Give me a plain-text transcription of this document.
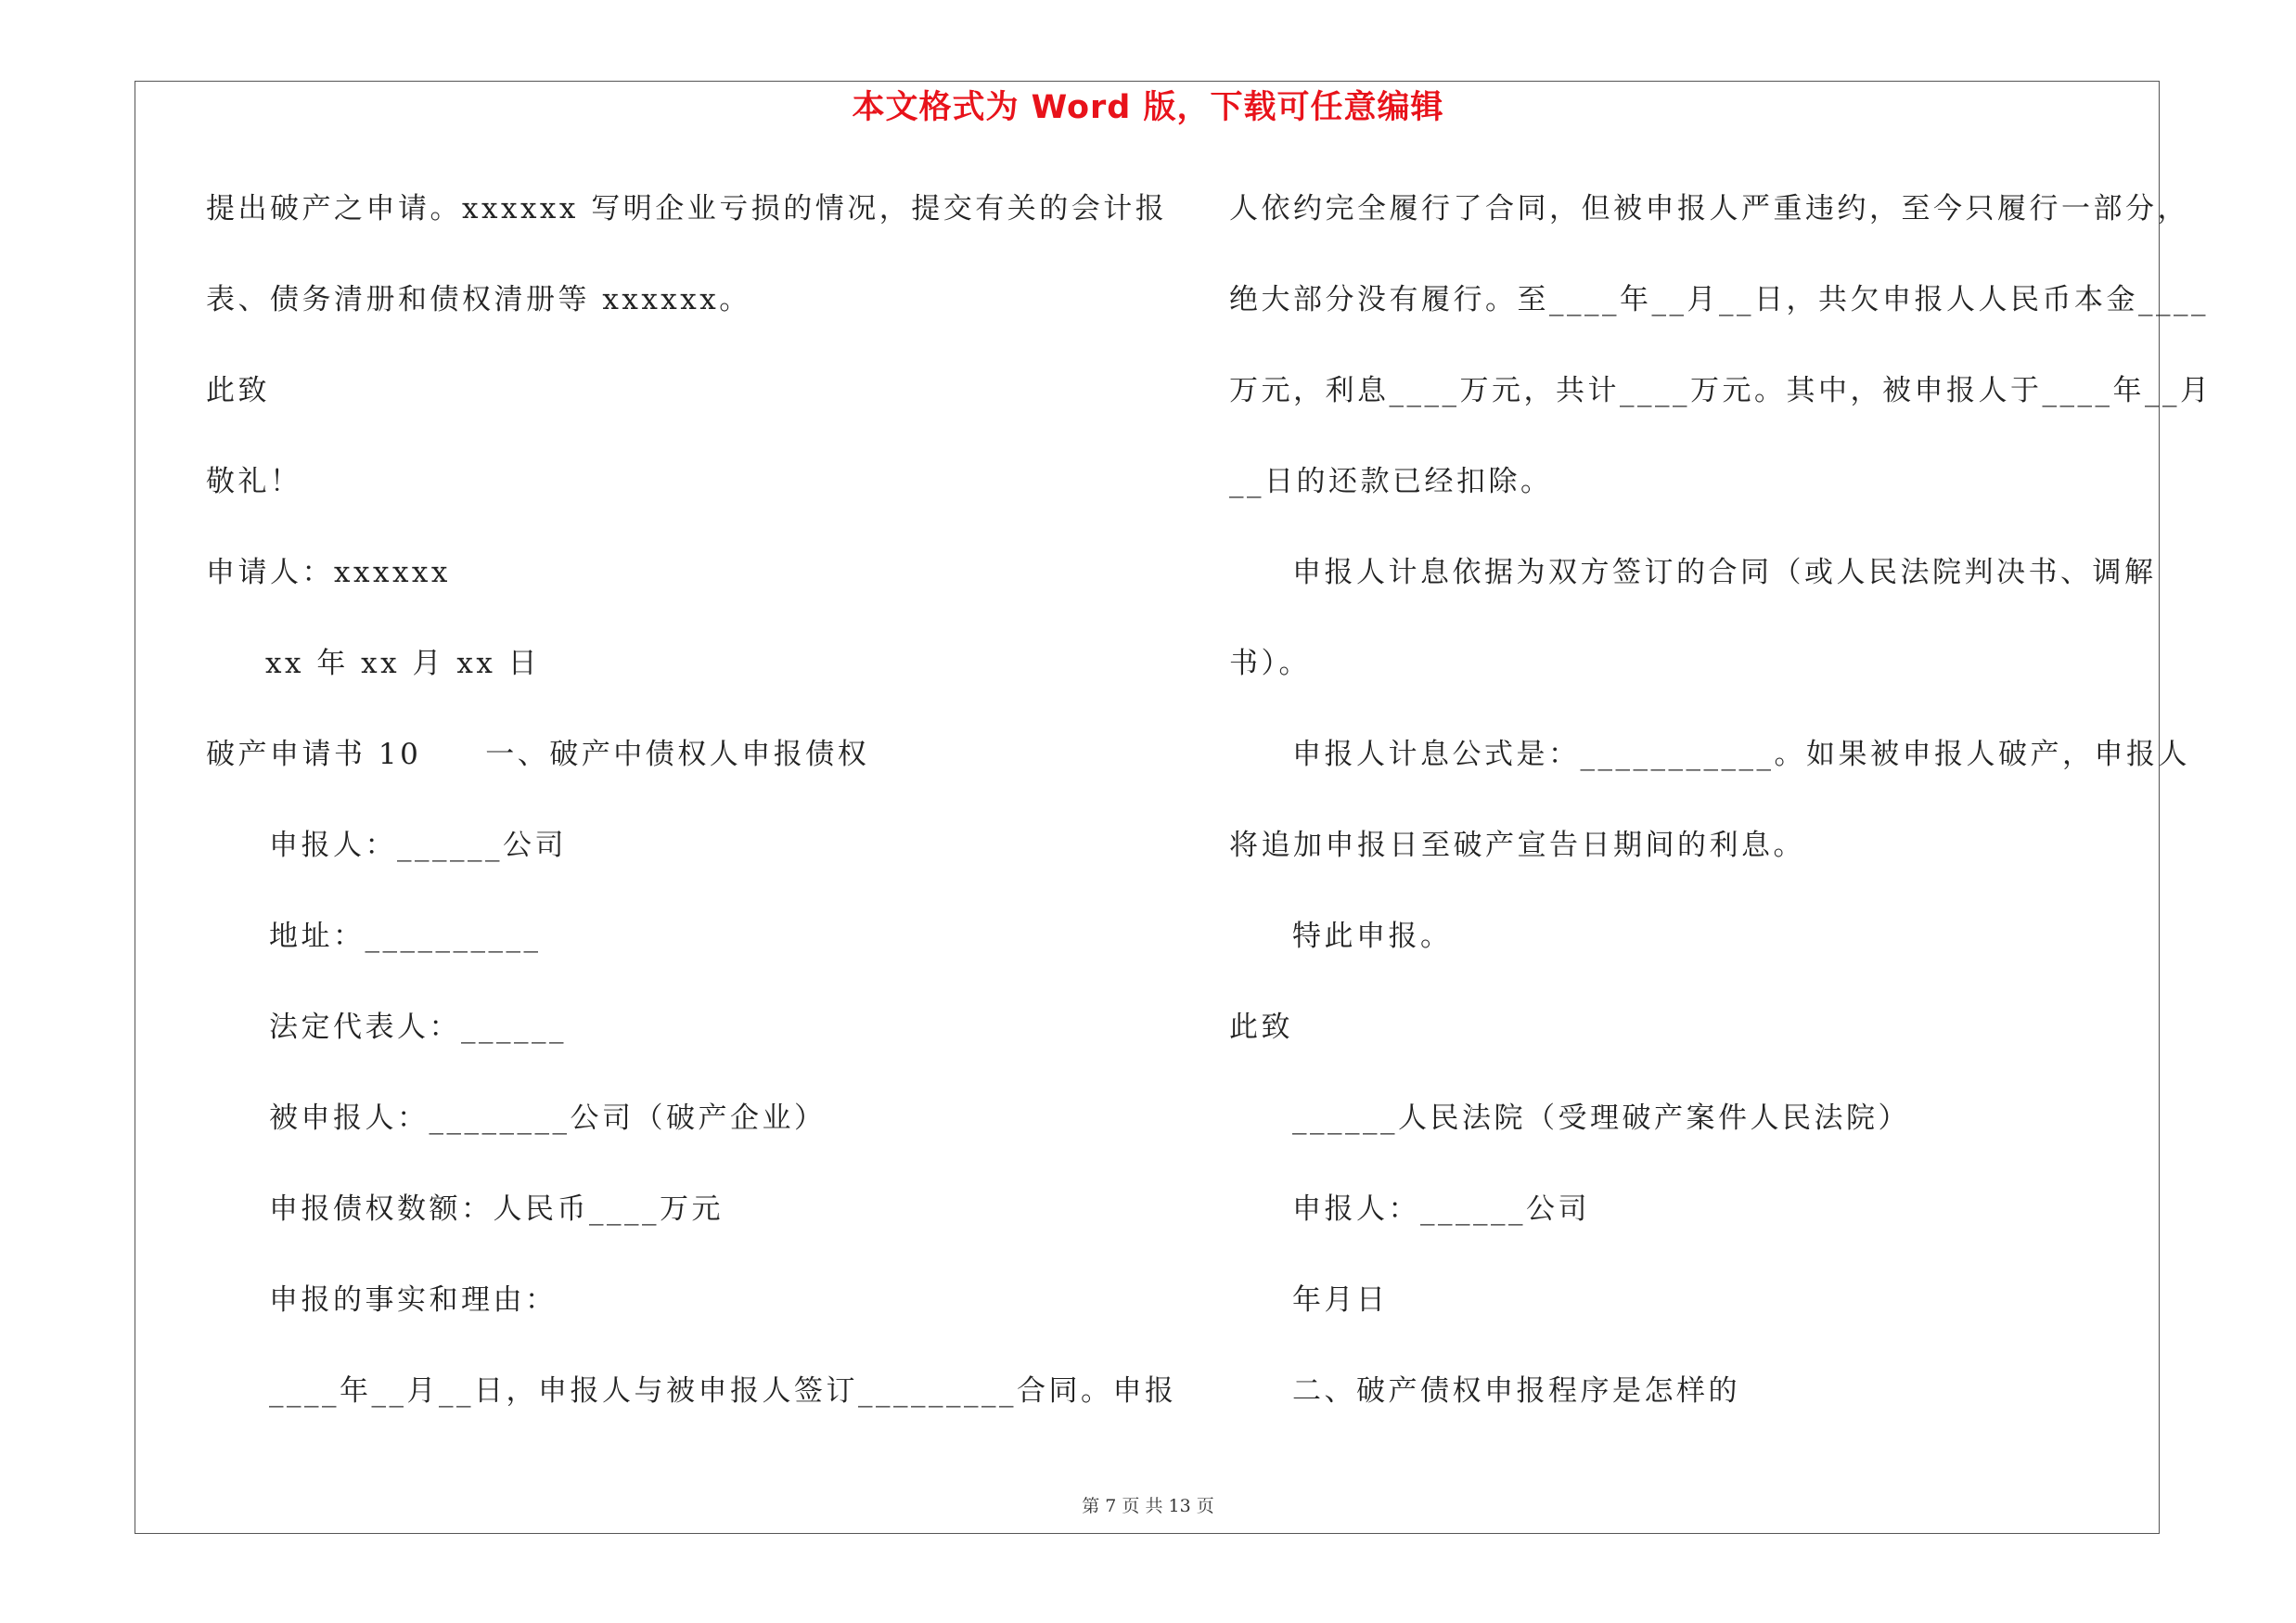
本文格式为 Word 版，下载可任意编辑

提出破产之申请。xxxxxx 写明企业亏损的情况，提交有关的会计报

表、债务清册和债权清册等 xxxxxx。

此致

敬礼！

申请人：xxxxxx

xx 年 xx 月 xx 日

破产申请书 10　　一、破产中债权人申报债权

申报人：______公司

地址：__________

法定代表人：______

被申报人：________公司（破产企业）

申报债权数额：人民币____万元

申报的事实和理由：

____年__月__日，申报人与被申报人签订_________合同。申报

人依约完全履行了合同，但被申报人严重违约，至今只履行一部分，

绝大部分没有履行。至____年__月__日，共欠申报人人民币本金____

万元，利息____万元，共计____万元。其中，被申报人于____年__月

__日的还款已经扣除。

申报人计息依据为双方签订的合同（或人民法院判决书、调解

书）。

申报人计息公式是：___________。如果被申报人破产，申报人

将追加申报日至破产宣告日期间的利息。

特此申报。

此致

______人民法院（受理破产案件人民法院）

申报人：______公司

年月日

二、破产债权申报程序是怎样的

第 7 页 共 13 页
